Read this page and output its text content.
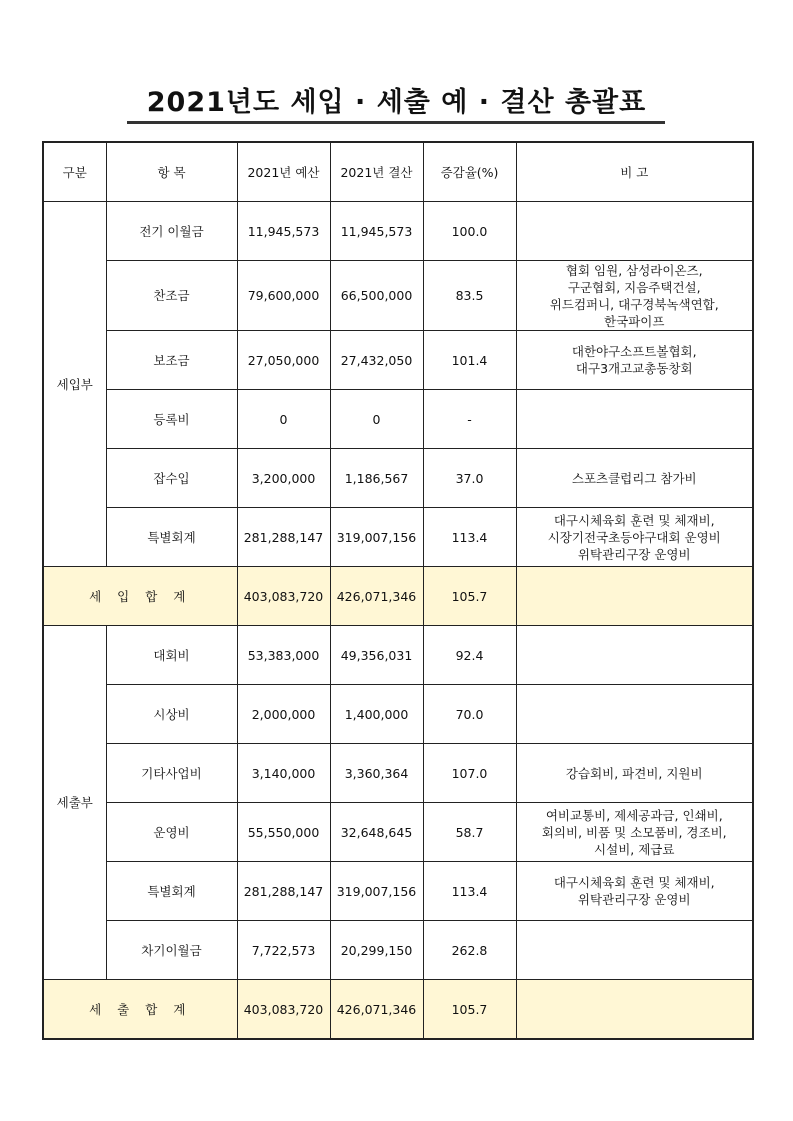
2021년도 세입 · 세출 예 · 결산 총괄표
구분	항 목	2021년 예산	2021년 결산	증감율(%)	비 고
세입부	전기 이월금	11,945,573	11,945,573	100.0	
	찬조금	79,600,000	66,500,000	83.5	협회 임원, 삼성라이온즈,
구군협회, 지음주택건설,
위드컴퍼니, 대구경북녹색연합,
한국파이프
	보조금	27,050,000	27,432,050	101.4	대한야구소프트볼협회,
대구3개고교총동창회
	등록비	0	0	-	
	잡수입	3,200,000	1,186,567	37.0	스포츠클럽리그 참가비
	특별회계	281,288,147	319,007,156	113.4	대구시체육회 훈련 및 체재비,
시장기전국초등야구대회 운영비
위탁관리구장 운영비
세 입 합 계		403,083,720	426,071,346	105.7	
세출부	대회비	53,383,000	49,356,031	92.4	
	시상비	2,000,000	1,400,000	70.0	
	기타사업비	3,140,000	3,360,364	107.0	강습회비, 파견비, 지원비
	운영비	55,550,000	32,648,645	58.7	여비교통비, 제세공과금, 인쇄비,
회의비, 비품 및 소모품비, 경조비,
시설비, 제급료
	특별회계	281,288,147	319,007,156	113.4	대구시체육회 훈련 및 체재비,
위탁관리구장 운영비
	차기이월금	7,722,573	20,299,150	262.8	
세 출 합 계		403,083,720	426,071,346	105.7	
